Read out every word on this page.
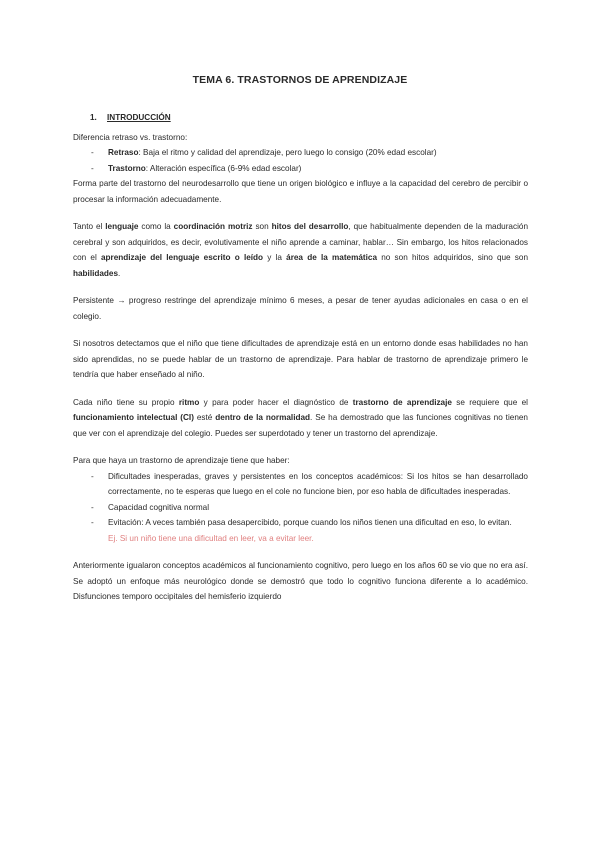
TEMA 6. TRASTORNOS DE APRENDIZAJE
1. INTRODUCCIÓN

Diferencia retraso vs. trastorno:

- Retraso: Baja el ritmo y calidad del aprendizaje, pero luego lo consigo (20% edad escolar)
- Trastorno: Alteración específica (6-9% edad escolar)

Forma parte del trastorno del neurodesarrollo que tiene un origen biológico e influye a la capacidad del cerebro de percibir o procesar la información adecuadamente.

Tanto el lenguaje como la coordinación motriz son hitos del desarrollo, que habitualmente dependen de la maduración cerebral y son adquiridos, es decir, evolutivamente el niño aprende a caminar, hablar… Sin embargo, los hitos relacionados con el aprendizaje del lenguaje escrito o leído y la área de la matemática no son hitos adquiridos, sino que son habilidades.

Persistente → progreso restringe del aprendizaje mínimo 6 meses, a pesar de tener ayudas adicionales en casa o en el colegio.

Si nosotros detectamos que el niño que tiene dificultades de aprendizaje está en un entorno donde esas habilidades no han sido aprendidas, no se puede hablar de un trastorno de aprendizaje. Para hablar de trastorno de aprendizaje primero le tendría que haber enseñado al niño.

Cada niño tiene su propio ritmo y para poder hacer el diagnóstico de trastorno de aprendizaje se requiere que el funcionamiento intelectual (CI) esté dentro de la normalidad. Se ha demostrado que las funciones cognitivas no tienen que ver con el aprendizaje del colegio. Puedes ser superdotado y tener un trastorno del aprendizaje.

Para que haya un trastorno de aprendizaje tiene que haber:

- Dificultades inesperadas, graves y persistentes en los conceptos académicos: Si los hitos se han desarrollado correctamente, no te esperas que luego en el cole no funcione bien, por eso habla de dificultades inesperadas.
- Capacidad cognitiva normal
- Evitación: A veces también pasa desapercibido, porque cuando los niños tienen una dificultad en eso, lo evitan.

Ej. Si un niño tiene una dificultad en leer, va a evitar leer.

Anteriormente igualaron conceptos académicos al funcionamiento cognitivo, pero luego en los años 60 se vio que no era así. Se adoptó un enfoque más neurológico donde se demostró que todo lo cognitivo funciona diferente a lo académico. Disfunciones temporo occipitales del hemisferio izquierdo
